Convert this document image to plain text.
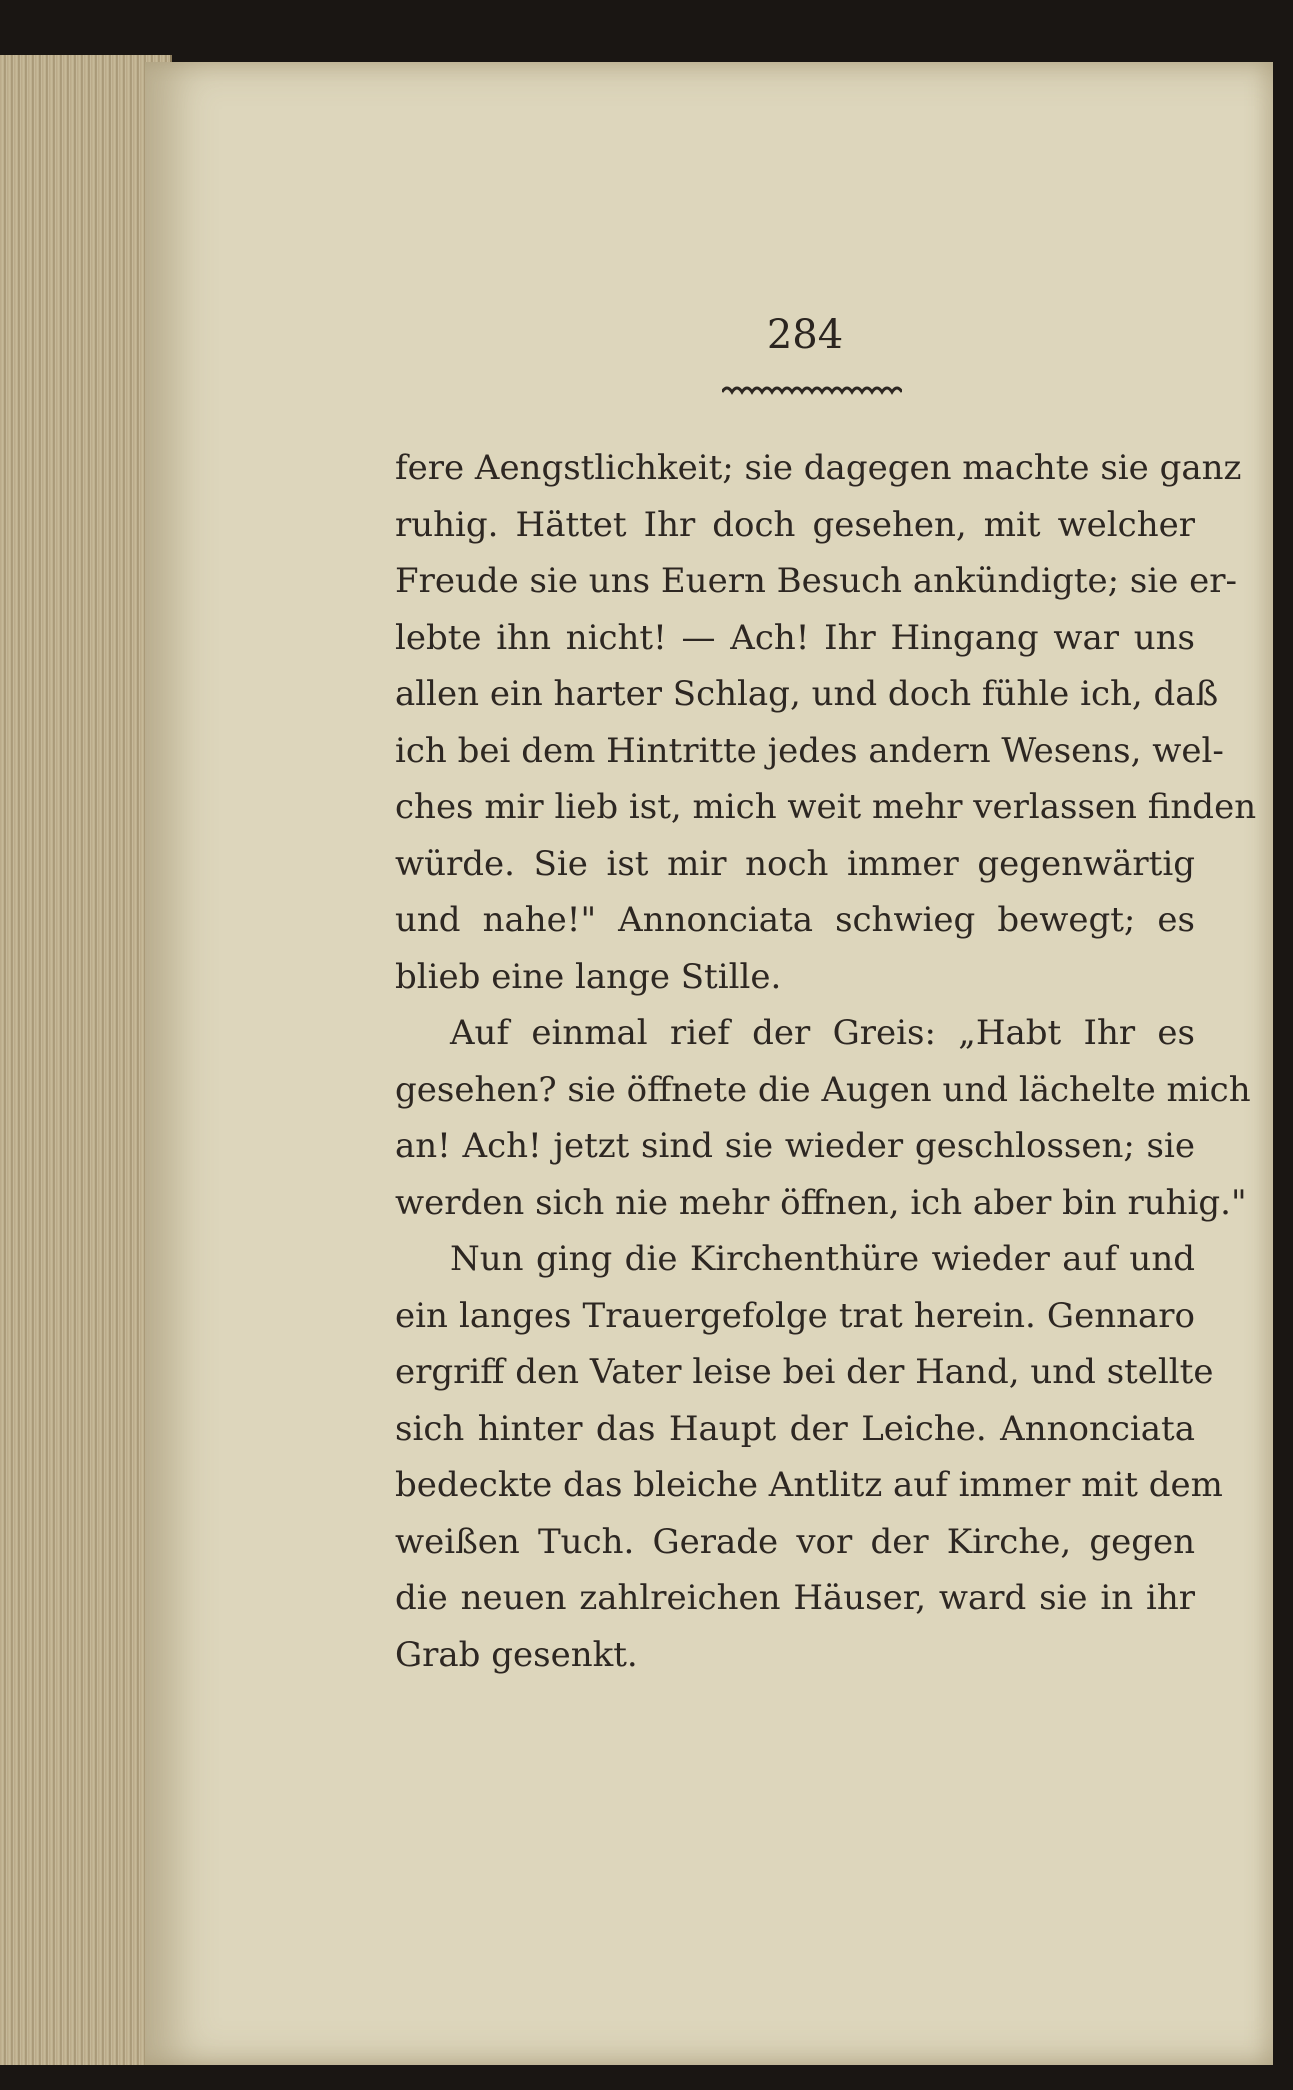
284
fere Aengstlichkeit; sie dagegen machte sie ganz
ruhig. Hättet Ihr doch gesehen, mit welcher
Freude sie uns Euern Besuch ankündigte; sie er-
lebte ihn nicht! — Ach! Ihr Hingang war uns
allen ein harter Schlag, und doch fühle ich, daß
ich bei dem Hintritte jedes andern Wesens, wel-
ches mir lieb ist, mich weit mehr verlassen finden
würde. Sie ist mir noch immer gegenwärtig
und nahe!" Annonciata schwieg bewegt; es
blieb eine lange Stille.
Auf einmal rief der Greis: „Habt Ihr es
gesehen? sie öffnete die Augen und lächelte mich
an! Ach! jetzt sind sie wieder geschlossen; sie
werden sich nie mehr öffnen, ich aber bin ruhig."
Nun ging die Kirchenthüre wieder auf und
ein langes Trauergefolge trat herein. Gennaro
ergriff den Vater leise bei der Hand, und stellte
sich hinter das Haupt der Leiche. Annonciata
bedeckte das bleiche Antlitz auf immer mit dem
weißen Tuch. Gerade vor der Kirche, gegen
die neuen zahlreichen Häuser, ward sie in ihr
Grab gesenkt.
